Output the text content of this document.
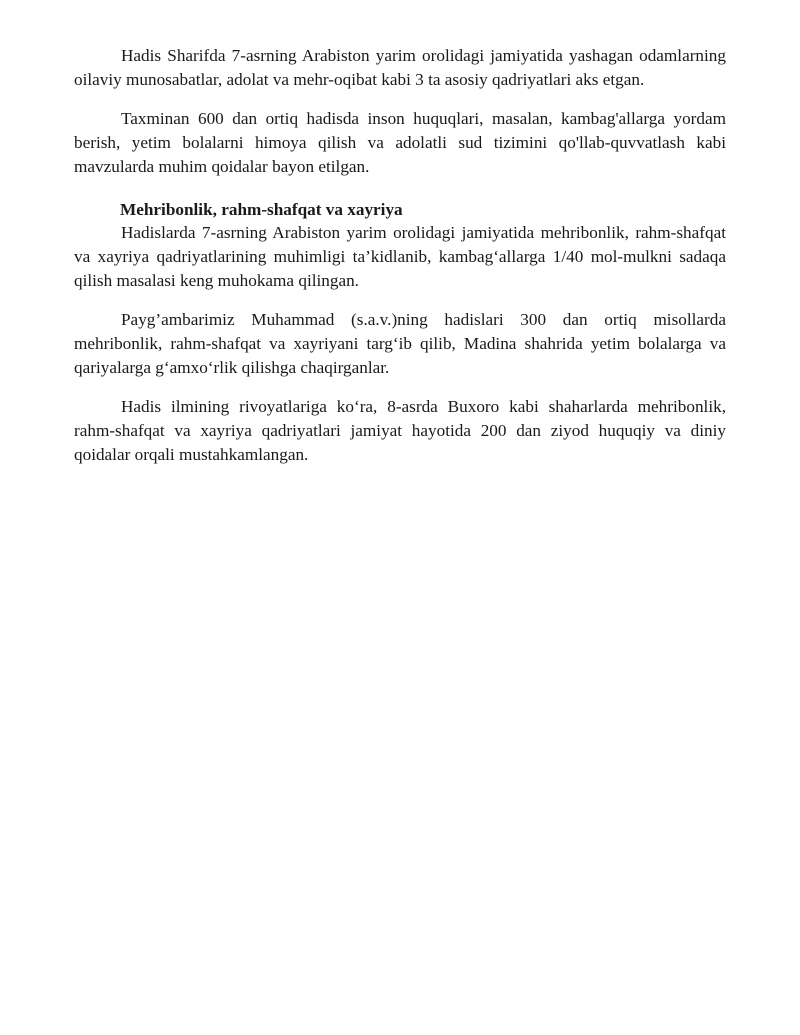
Hadis Sharifda 7-asrning Arabiston yarim orolidagi jamiyatida yashagan odamlarning oilaviy munosabatlar, adolat va mehr-oqibat kabi 3 ta asosiy qadriyatlari aks etgan.

Taxminan 600 dan ortiq hadisda inson huquqlari, masalan, kambag'allarga yordam berish, yetim bolalarni himoya qilish va adolatli sud tizimini qo'llab-quvvatlash kabi mavzularda muhim qoidalar bayon etilgan.

Mehribonlik, rahm-shafqat va xayriya

Hadislarda 7-asrning Arabiston yarim orolidagi jamiyatida mehribonlik, rahm-shafqat va xayriya qadriyatlarining muhimligi ta’kidlanib, kambag‘allarga 1/40 mol-mulkni sadaqa qilish masalasi keng muhokama qilingan.

Payg’ambarimiz Muhammad (s.a.v.)ning hadislari 300 dan ortiq misollarda mehribonlik, rahm-shafqat va xayriyani targ‘ib qilib, Madina shahrida yetim bolalarga va qariyalarga g‘amxo‘rlik qilishga chaqirganlar.

Hadis ilmining rivoyatlariga ko‘ra, 8-asrda Buxoro kabi shaharlarda mehribonlik, rahm-shafqat va xayriya qadriyatlari jamiyat hayotida 200 dan ziyod huquqiy va diniy qoidalar orqali mustahkamlangan.
